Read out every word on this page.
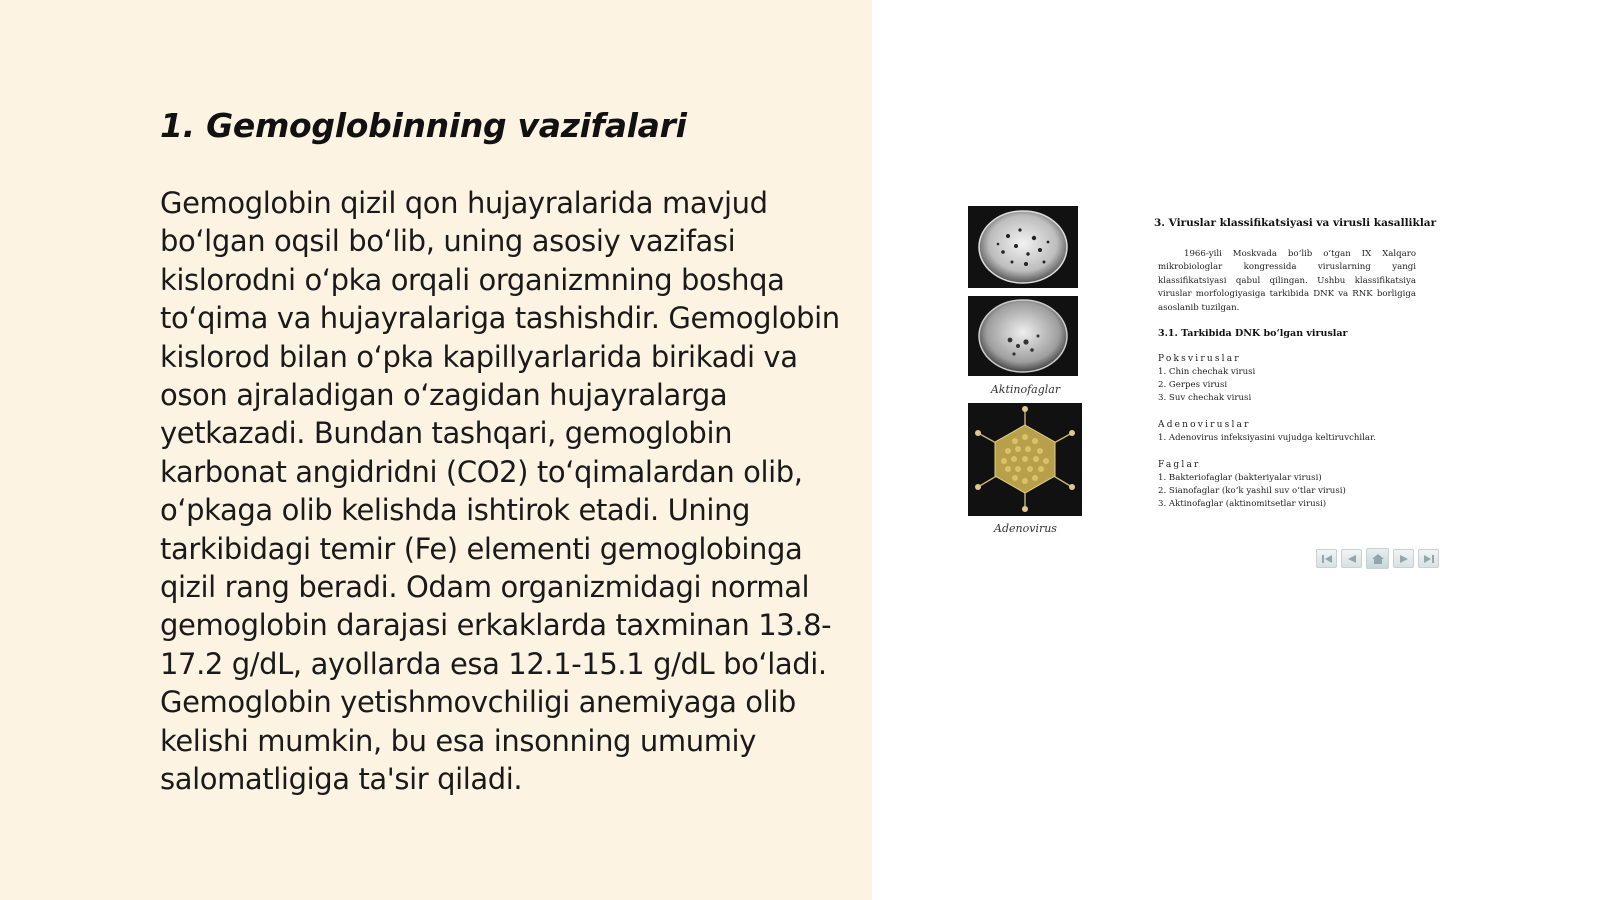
1. Gemoglobinning vazifalari

Gemoglobin qizil qon hujayralarida mavjud boʻlgan oqsil boʻlib, uning asosiy vazifasi kislorodni oʻpka orqali organizmning boshqa toʻqima va hujayralariga tashishdir. Gemoglobin kislorod bilan oʻpka kapillyarlarida birikadi va oson ajraladigan oʻzagidan hujayralarga yetkazadi. Bundan tashqari, gemoglobin karbonat angidridni (CO2) toʻqimalardan olib, oʻpkaga olib kelishda ishtirok etadi. Uning tarkibidagi temir (Fe) elementi gemoglobinga qizil rang beradi. Odam organizmidagi normal gemoglobin darajasi erkaklarda taxminan 13.8-17.2 g/dL, ayollarda esa 12.1-15.1 g/dL boʻladi. Gemoglobin yetishmovchiligi anemiyaga olib kelishi mumkin, bu esa insonning umumiy salomatligiga ta'sir qiladi.

Aktinofaglar
Adenovirus
3. Viruslar klassifikatsiyasi va virusli kasalliklar

1966-yili Moskvada boʻlib oʻtgan IX Xalqaro mikrobiologlar kongressida viruslarning yangi klassifikatsiyasi qabul qilingan. Ushbu klassifikatsiya viruslar morfologiyasiga tarkibida DNK va RNK borligiga asoslanib tuzilgan.

3.1. Tarkibida DNK boʻlgan viruslar
Poksviruslar
1. Chin chechak virusi
2. Gerpes virusi
3. Suv chechak virusi
Adenoviruslar
1. Adenovirus infeksiyasini vujudga keltiruvchilar.
Faglar
1. Bakteriofaglar (bakteriyalar virusi)
2. Sianofaglar (koʻk yashil suv oʻtlar virusi)
3. Aktinofaglar (aktinomitsetlar virusi)
